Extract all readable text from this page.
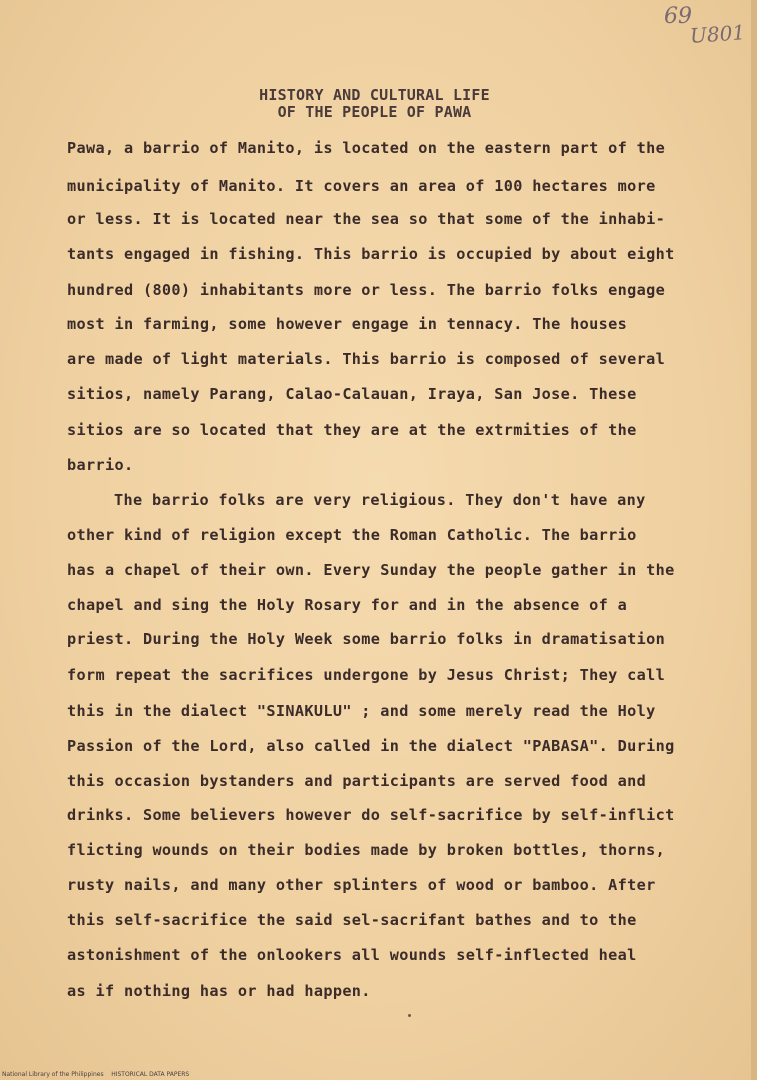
69
U801
HISTORY AND CULTURAL LIFE
OF THE PEOPLE OF PAWA
Pawa, a barrio of Manito, is located on the eastern part of the
municipality of Manito. It covers an area of 100 hectares more
or less. It is located near the sea so that some of the inhabi-
tants engaged in fishing. This barrio is occupied by about eight
hundred (800) inhabitants more or less. The barrio folks engage
most in farming, some however engage in tennacy. The houses
are made of light materials. This barrio is composed of several
sitios, namely Parang, Calao-Calauan, Iraya, San Jose. These
sitios are so located that they are at the extrmities of the
barrio.
The barrio folks are very religious. They don't have any
other kind of religion except the Roman Catholic. The barrio
has a chapel of their own. Every Sunday the people gather in the
chapel and sing the Holy Rosary for and in the absence of a
priest. During the Holy Week some barrio folks in dramatisation
form repeat the sacrifices undergone by Jesus Christ; They call
this in the dialect "SINAKULU" ; and some merely read the Holy
Passion of the Lord, also called in the dialect "PABASA". During
this occasion bystanders and participants are served food and
drinks. Some believers however do self-sacrifice by self-inflict
flicting wounds on their bodies made by broken bottles, thorns,
rusty nails, and many other splinters of wood or bamboo. After
this self-sacrifice the said sel-sacrifant bathes and to the
astonishment of the onlookers all wounds self-inflected heal
as if nothing has or had happen.
National Library of the Philippines    HISTORICAL DATA PAPERS
